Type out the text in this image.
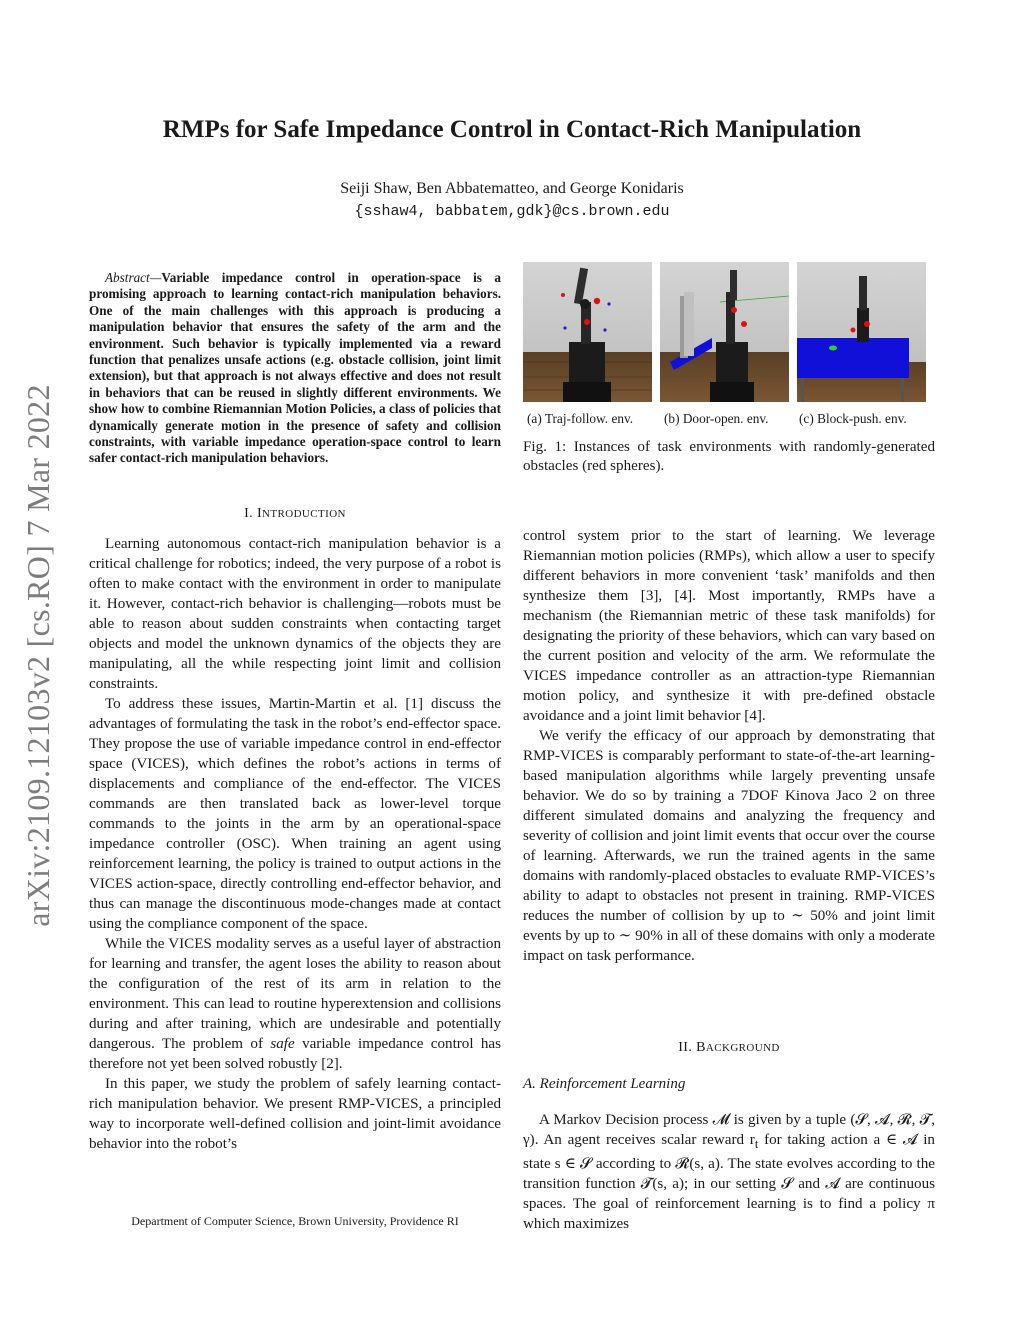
arXiv:2109.12103v2 [cs.RO] 7 Mar 2022
RMPs for Safe Impedance Control in Contact-Rich Manipulation
Seiji Shaw, Ben Abbatematteo, and George Konidaris
{sshaw4, babbatem,gdk}@cs.brown.edu

Abstract—Variable impedance control in operation-space is a promising approach to learning contact-rich manipulation behaviors. One of the main challenges with this approach is producing a manipulation behavior that ensures the safety of the arm and the environment. Such behavior is typically implemented via a reward function that penalizes unsafe actions (e.g. obstacle collision, joint limit extension), but that approach is not always effective and does not result in behaviors that can be reused in slightly different environments. We show how to combine Riemannian Motion Policies, a class of policies that dynamically generate motion in the presence of safety and collision constraints, with variable impedance operation-space control to learn safer contact-rich manipulation behaviors.

I. INTRODUCTION

Learning autonomous contact-rich manipulation behavior is a critical challenge for robotics; indeed, the very purpose of a robot is often to make contact with the environment in order to manipulate it. However, contact-rich behavior is challenging—robots must be able to reason about sudden constraints when contacting target objects and model the unknown dynamics of the objects they are manipulating, all the while respecting joint limit and collision constraints.

To address these issues, Martin-Martin et al. [1] discuss the advantages of formulating the task in the robot’s end-effector space. They propose the use of variable impedance control in end-effector space (VICES), which defines the robot’s actions in terms of displacements and compliance of the end-effector. The VICES commands are then translated back as lower-level torque commands to the joints in the arm by an operational-space impedance controller (OSC). When training an agent using reinforcement learning, the policy is trained to output actions in the VICES action-space, directly controlling end-effector behavior, and thus can manage the discontinuous mode-changes made at contact using the compliance component of the space.

While the VICES modality serves as a useful layer of abstraction for learning and transfer, the agent loses the ability to reason about the configuration of the rest of its arm in relation to the environment. This can lead to routine hyperextension and collisions during and after training, which are undesirable and potentially dangerous. The problem of safe variable impedance control has therefore not yet been solved robustly [2].

In this paper, we study the problem of safely learning contact-rich manipulation behavior. We present RMP-VICES, a principled way to incorporate well-defined collision and joint-limit avoidance behavior into the robot’s

Department of Computer Science, Brown University, Providence RI
(a) Traj-follow. env. (b) Door-open. env. (c) Block-push. env.

Fig. 1: Instances of task environments with randomly-generated obstacles (red spheres).

control system prior to the start of learning. We leverage Riemannian motion policies (RMPs), which allow a user to specify different behaviors in more convenient ‘task’ manifolds and then synthesize them [3], [4]. Most importantly, RMPs have a mechanism (the Riemannian metric of these task manifolds) for designating the priority of these behaviors, which can vary based on the current position and velocity of the arm. We reformulate the VICES impedance controller as an attraction-type Riemannian motion policy, and synthesize it with pre-defined obstacle avoidance and a joint limit behavior [4].

We verify the efficacy of our approach by demonstrating that RMP-VICES is comparably performant to state-of-the-art learning-based manipulation algorithms while largely preventing unsafe behavior. We do so by training a 7DOF Kinova Jaco 2 on three different simulated domains and analyzing the frequency and severity of collision and joint limit events that occur over the course of learning. Afterwards, we run the trained agents in the same domains with randomly-placed obstacles to evaluate RMP-VICES’s ability to adapt to obstacles not present in training. RMP-VICES reduces the number of collision by up to ∼ 50% and joint limit events by up to ∼ 90% in all of these domains with only a moderate impact on task performance.

II. BACKGROUND
A. Reinforcement Learning

A Markov Decision process 𝓜 is given by a tuple (𝓢, 𝓐, 𝓡, 𝓣, γ). An agent receives scalar reward $r_t$ for taking action a ∈ 𝓐 in state s ∈ 𝓢 according to 𝓡(s, a). The state evolves according to the transition function 𝓣(s, a); in our setting 𝓢 and 𝓐 are continuous spaces. The goal of reinforcement learning is to find a policy π which maximizes
